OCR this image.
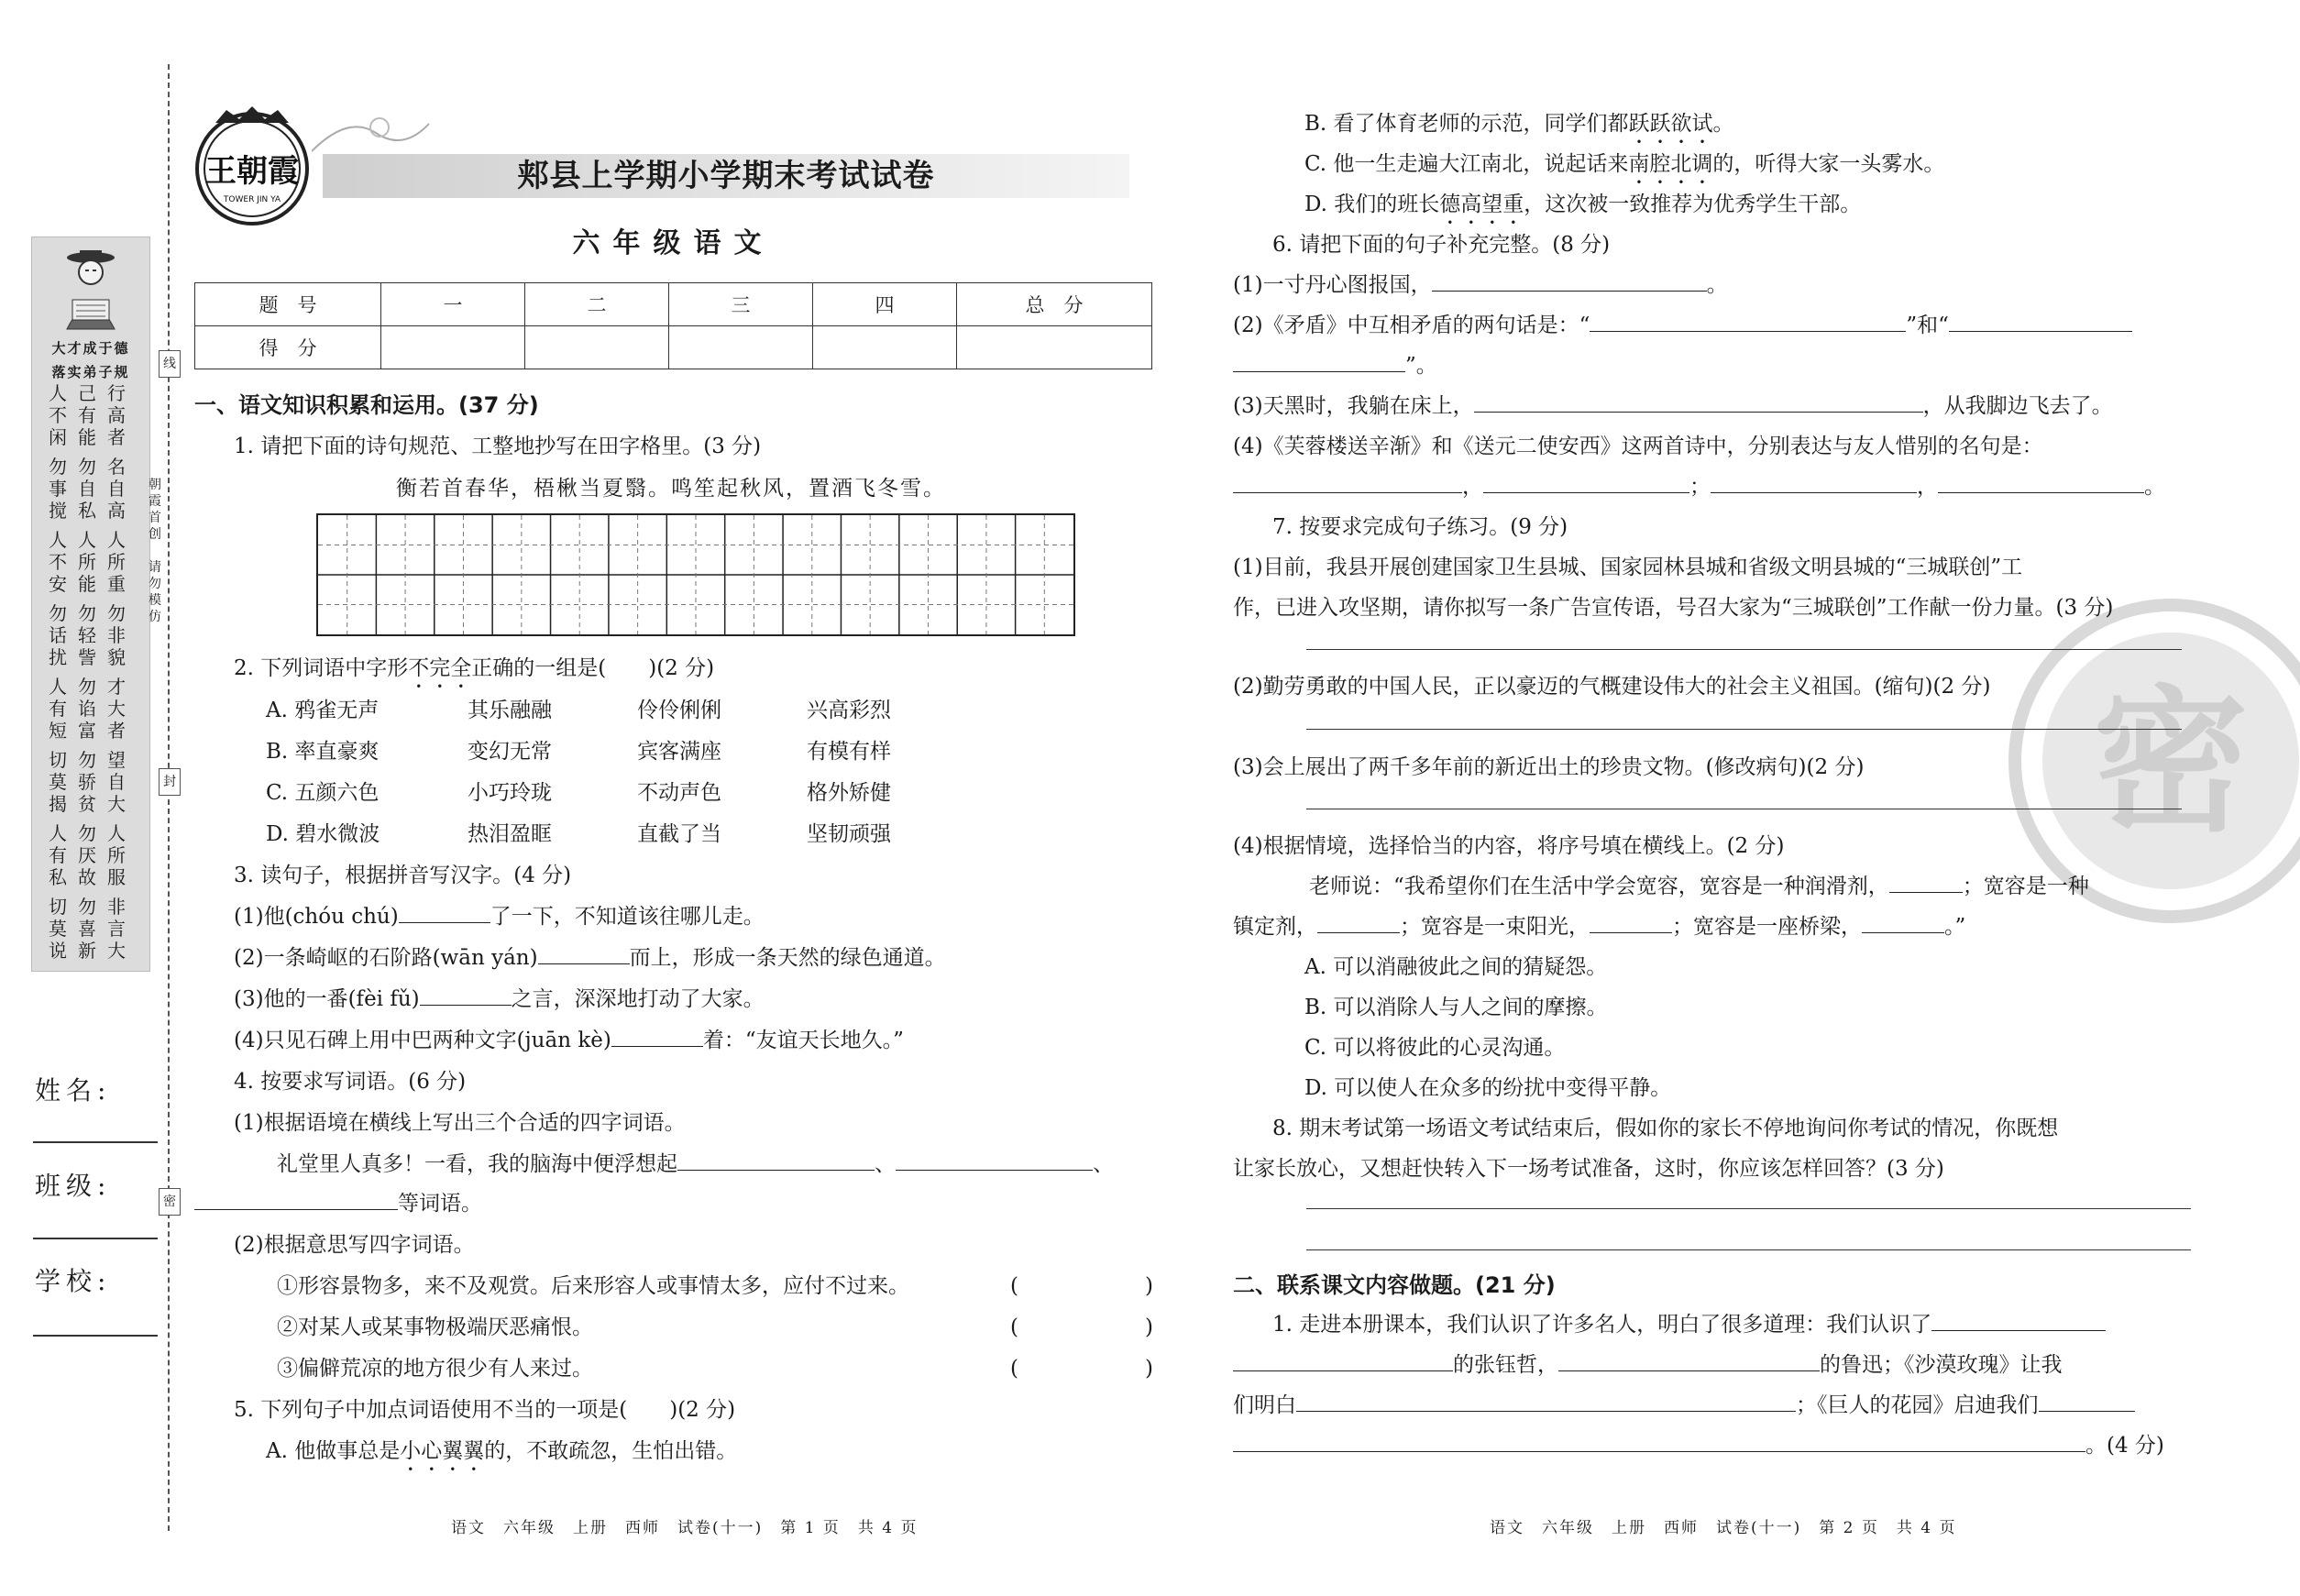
大才成于德
落实弟子规
人
不
闲
己
有
能
行
高
者
勿
事
搅
勿
自
私
名
自
高
人
不
安
人
所
能
人
所
重
勿
话
扰
勿
轻
訾
勿
非
貌
人
有
短
勿
谄
富
才
大
者
切
莫
揭
勿
骄
贫
望
自
大
人
有
私
勿
厌
故
人
所
服
切
莫
说
勿
喜
新
非
言
大
线
朝
霞
首
创

请
勿
模
仿
封
密
姓名:
班级:
学校:
王朝霞
TOWER JIN YA
郏县上学期小学期末考试试卷
六年级语文
题　号	一	二	三	四	总　分
得　分					
一、语文知识积累和运用。(37 分)
1. 请把下面的诗句规范、工整地抄写在田字格里。(3 分)
衡若首春华，梧楸当夏翳。鸣笙起秋风，置酒飞冬雪。
2. 下列词语中字形不完全正确的一组是(　　)(2 分)
A. 鸦雀无声	其乐融融	伶伶俐俐	兴高彩烈
B. 率直豪爽	变幻无常	宾客满座	有模有样
C. 五颜六色	小巧玲珑	不动声色	格外矫健
D. 碧水微波	热泪盈眶	直截了当	坚韧顽强
3. 读句子，根据拼音写汉字。(4 分)
(1)他(chóu chú)	了一下，不知道该往哪儿走。
(2)一条崎岖的石阶路(wān yán)	而上，形成一条天然的绿色通道。
(3)他的一番(fèi fǔ)	之言，深深地打动了大家。
(4)只见石碑上用中巴两种文字(juān kè)	着：“友谊天长地久。”
4. 按要求写词语。(6 分)
(1)根据语境在横线上写出三个合适的四字词语。
礼堂里人真多！一看，我的脑海中便浮想起	、	、
等词语。
(2)根据意思写四字词语。
①形容景物多，来不及观赏。后来形容人或事情太多，应付不过来。	(　　　　　　)
②对某人或某事物极端厌恶痛恨。	(　　　　　　)
③偏僻荒凉的地方很少有人来过。	(　　　　　　)
5. 下列句子中加点词语使用不当的一项是(　　)(2 分)
A. 他做事总是小心翼翼的，不敢疏忽，生怕出错。
语文　六年级　上册　西师　试卷(十一)　第 1 页　共 4 页
密
B. 看了体育老师的示范，同学们都跃跃欲试。
C. 他一生走遍大江南北，说起话来南腔北调的，听得大家一头雾水。
D. 我们的班长德高望重，这次被一致推荐为优秀学生干部。
6. 请把下面的句子补充完整。(8 分)
(1)一寸丹心图报国，	。
(2)《矛盾》中互相矛盾的两句话是：“	”和“
”。
(3)天黑时，我躺在床上，	，从我脚边飞去了。
(4)《芙蓉楼送辛渐》和《送元二使安西》这两首诗中，分别表达与友人惜别的名句是：
，	；	，	。
7. 按要求完成句子练习。(9 分)
(1)目前，我县开展创建国家卫生县城、国家园林县城和省级文明县城的“三城联创”工
作，已进入攻坚期，请你拟写一条广告宣传语，号召大家为“三城联创”工作献一份力量。(3 分)
(2)勤劳勇敢的中国人民，正以豪迈的气概建设伟大的社会主义祖国。(缩句)(2 分)
(3)会上展出了两千多年前的新近出土的珍贵文物。(修改病句)(2 分)
(4)根据情境，选择恰当的内容，将序号填在横线上。(2 分)
老师说：“我希望你们在生活中学会宽容，宽容是一种润滑剂，	；宽容是一种
镇定剂，	；宽容是一束阳光，	；宽容是一座桥梁，	。”
A. 可以消融彼此之间的猜疑怨。
B. 可以消除人与人之间的摩擦。
C. 可以将彼此的心灵沟通。
D. 可以使人在众多的纷扰中变得平静。
8. 期末考试第一场语文考试结束后，假如你的家长不停地询问你考试的情况，你既想
让家长放心，又想赶快转入下一场考试准备，这时，你应该怎样回答？(3 分)
二、联系课文内容做题。(21 分)
1. 走进本册课本，我们认识了许多名人，明白了很多道理：我们认识了
的张钰哲，	的鲁迅；《沙漠玫瑰》让我
们明白	；《巨人的花园》启迪我们
。(4 分)
语文　六年级　上册　西师　试卷(十一)　第 2 页　共 4 页
